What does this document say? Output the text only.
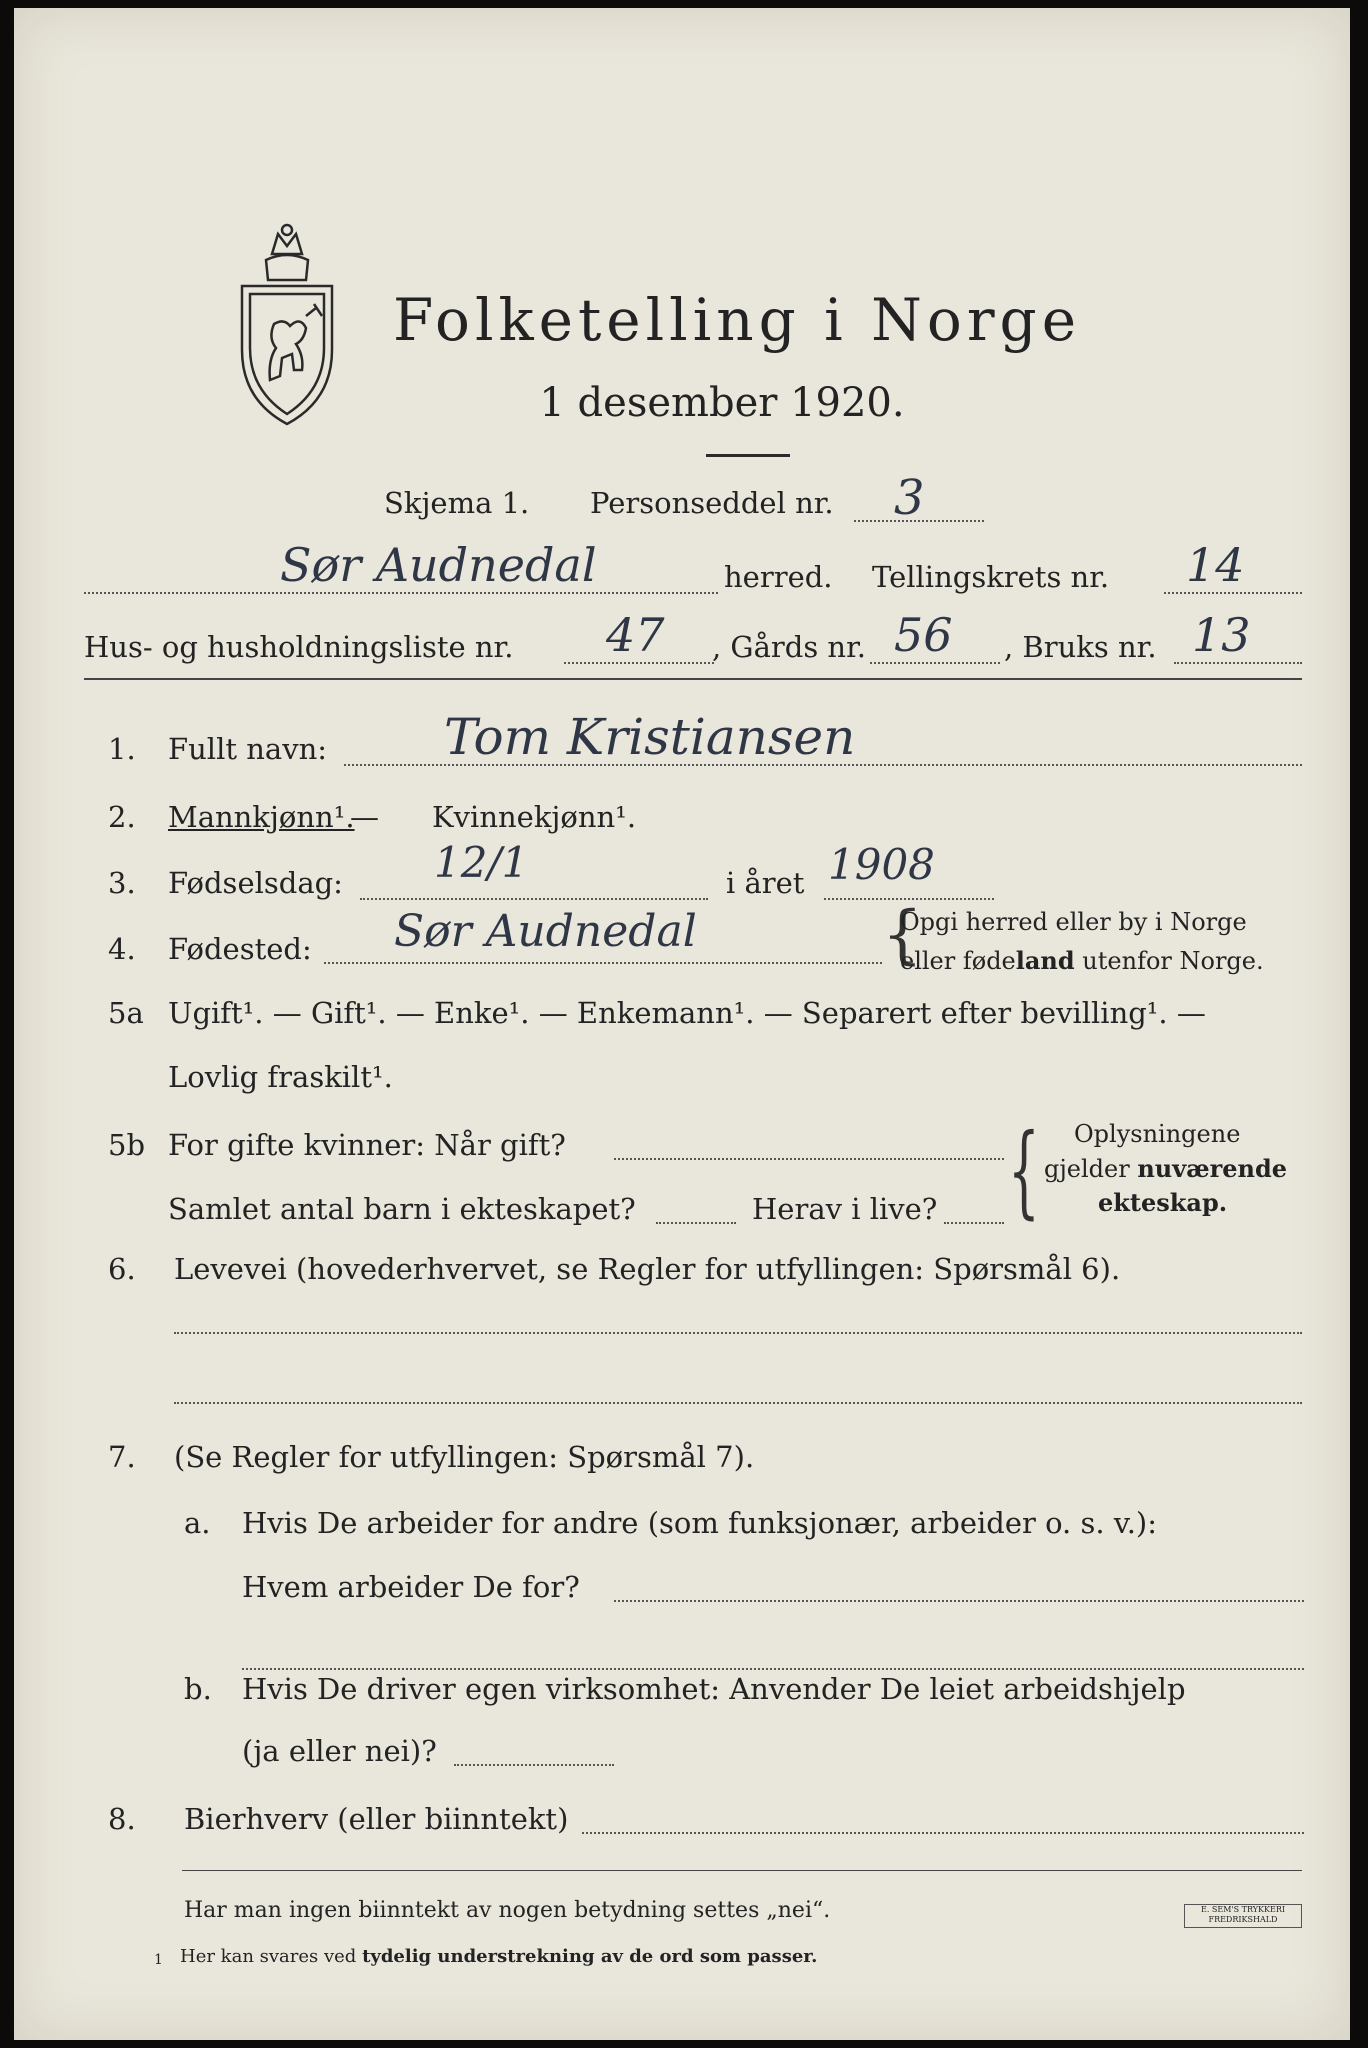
Folketelling i Norge
1 desember 1920.
Skjema 1. Personseddel nr. 3
Sør Audnedal	herred. Tellingskrets nr. 14
Hus- og husholdningsliste nr. 47 , Gårds nr. 56 , Bruks nr. 13
1. Fullt navn: Tom Kristiansen
2. Mannkjønn¹.
— Kvinnekjønn¹.
3. Fødselsdag: 12/1	i året 1908
4. Fødested: Sør Audnedal	{
Opgi herred eller by i Norge
eller fødeland utenfor Norge.
5a Ugift¹. — Gift¹. — Enke¹. — Enkemann¹. — Separert efter bevilling¹. —
Lovlig fraskilt¹.
5b For gifte kvinner: Når gift?
Samlet antal barn i ekteskapet?	Herav i live? { Oplysningene
gjelder nuværende
ekteskap.
6. Levevei (hovederhvervet, se Regler for utfyllingen: Spørsmål 6).
7. (Se Regler for utfyllingen: Spørsmål 7).
a. Hvis De arbeider for andre (som funksjonær, arbeider o. s. v.):
Hvem arbeider De for?
b. Hvis De driver egen virksomhet: Anvender De leiet arbeidshjelp
(ja eller nei)?
8. Bierhverv (eller biinntekt)
Har man ingen biinntekt av nogen betydning settes „nei“.
1 Her kan svares ved tydelig understrekning av de ord som passer.
E. SEM'S TRYKKERI FREDRIKSHALD
